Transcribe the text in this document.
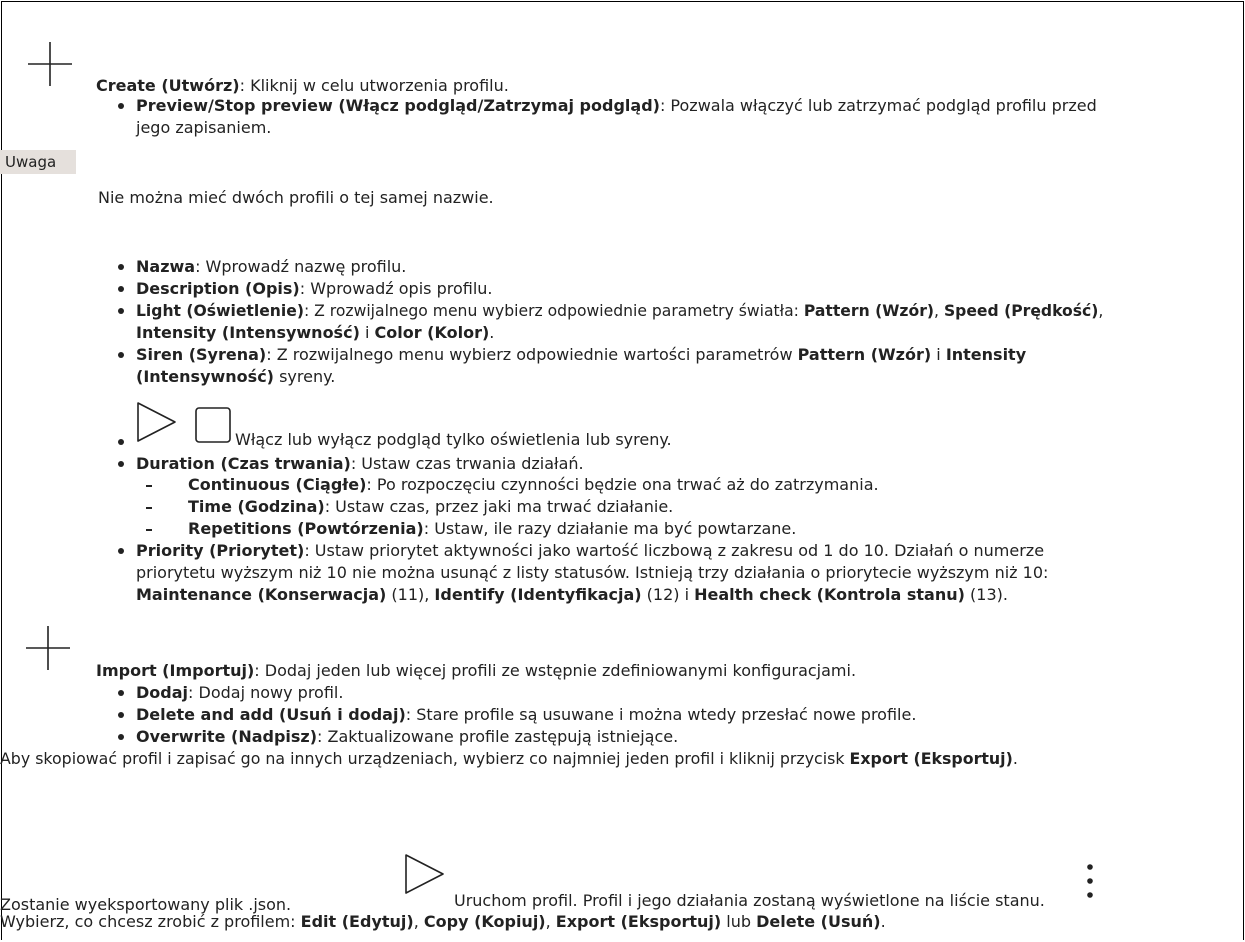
Create (Utwórz): Kliknij w celu utworzenia profilu.
Preview/Stop preview (Włącz podgląd/Zatrzymaj podgląd): Pozwala włączyć lub zatrzymać podgląd profilu przed
jego zapisaniem.
Uwaga
Nie można mieć dwóch profili o tej samej nazwie.
Nazwa: Wprowadź nazwę profilu.
Description (Opis): Wprowadź opis profilu.
Light (Oświetlenie): Z rozwijalnego menu wybierz odpowiednie parametry światła: Pattern (Wzór), Speed (Prędkość),
Intensity (Intensywność) i Color (Kolor).
Siren (Syrena): Z rozwijalnego menu wybierz odpowiednie wartości parametrów Pattern (Wzór) i Intensity
(Intensywność) syreny.
Włącz lub wyłącz podgląd tylko oświetlenia lub syreny.
Duration (Czas trwania): Ustaw czas trwania działań.
Continuous (Ciągłe): Po rozpoczęciu czynności będzie ona trwać aż do zatrzymania.
Time (Godzina): Ustaw czas, przez jaki ma trwać działanie.
Repetitions (Powtórzenia): Ustaw, ile razy działanie ma być powtarzane.
Priority (Priorytet): Ustaw priorytet aktywności jako wartość liczbową z zakresu od 1 do 10. Działań o numerze
priorytetu wyższym niż 10 nie można usunąć z listy statusów. Istnieją trzy działania o priorytecie wyższym niż 10:
Maintenance (Konserwacja) (11), Identify (Identyfikacja) (12) i Health check (Kontrola stanu) (13).
Import (Importuj): Dodaj jeden lub więcej profili ze wstępnie zdefiniowanymi konfiguracjami.
Dodaj: Dodaj nowy profil.
Delete and add (Usuń i dodaj): Stare profile są usuwane i można wtedy przesłać nowe profile.
Overwrite (Nadpisz): Zaktualizowane profile zastępują istniejące.
Aby skopiować profil i zapisać go na innych urządzeniach, wybierz co najmniej jeden profil i kliknij przycisk Export (Eksportuj).
Zostanie wyeksportowany plik .json.	Uruchom profil. Profil i jego działania zostaną wyświetlone na liście stanu.
Wybierz, co chcesz zrobić z profilem: Edit (Edytuj), Copy (Kopiuj), Export (Eksportuj) lub Delete (Usuń).
